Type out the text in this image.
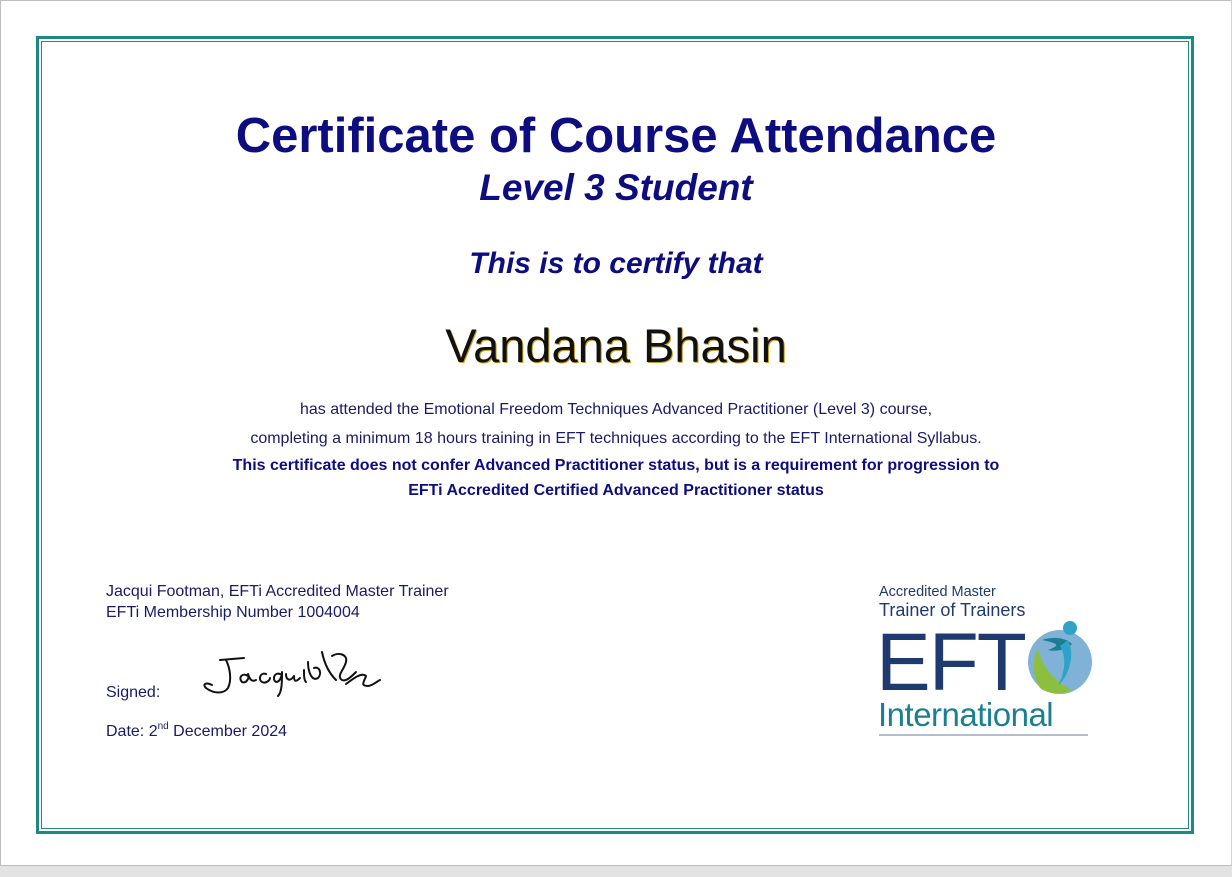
Certificate of Course Attendance
Level 3 Student
This is to certify that
Vandana Bhasin
has attended the Emotional Freedom Techniques Advanced Practitioner (Level 3) course,
completing a minimum 18 hours training in EFT techniques according to the EFT International Syllabus.
This certificate does not confer Advanced Practitioner status, but is a requirement for progression to
EFTi Accredited Certified Advanced Practitioner status
Jacqui Footman, EFTi Accredited Master Trainer
EFTi Membership Number 1004004
Signed:
Date: 2nd December 2024
Accredited Master
Trainer of Trainers
EFT
International
